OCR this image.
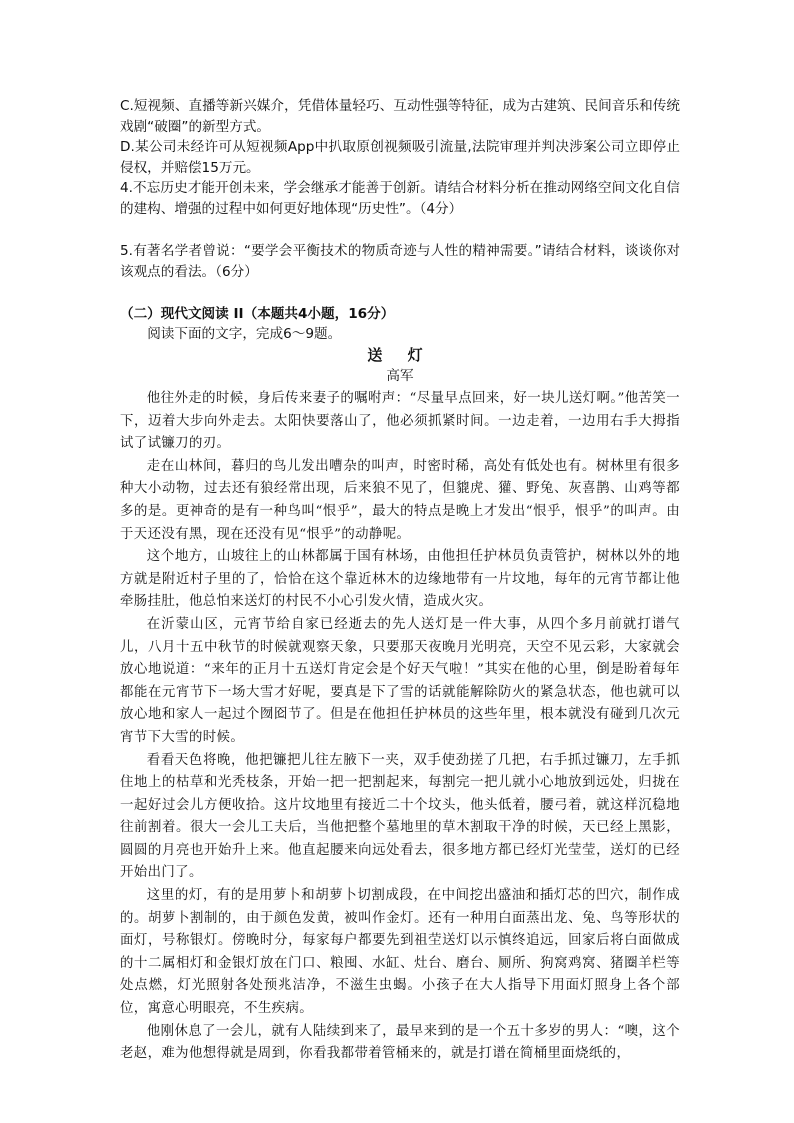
C.短视频、直播等新兴媒介，凭借体量轻巧、互动性强等特征，成为古建筑、民间音乐和传统戏剧“破圈”的新型方式。

D.某公司未经许可从短视频App中扒取原创视频吸引流量,法院审理并判决涉案公司立即停止侵权，并赔偿15万元。

4.不忘历史才能开创未来，学会继承才能善于创新。请结合材料分析在推动网络空间文化自信的建构、增强的过程中如何更好地体现“历史性”。（4分）

5.有著名学者曾说：“要学会平衡技术的物质奇迹与人性的精神需要。”请结合材料，谈谈你对该观点的看法。（6分）

（二）现代文阅读 II（本题共4小题，16分）

阅读下面的文字，完成6～9题。

送 灯

高军

他往外走的时候，身后传来妻子的嘱咐声：“尽量早点回来，好一块儿送灯啊。”他苦笑一下，迈着大步向外走去。太阳快要落山了，他必须抓紧时间。一边走着，一边用右手大拇指试了试镰刀的刃。

走在山林间，暮归的鸟儿发出嘈杂的叫声，时密时稀，高处有低处也有。树林里有很多种大小动物，过去还有狼经常出现，后来狼不见了，但貔虎、獾、野兔、灰喜鹊、山鸡等都多的是。更神奇的是有一种鸟叫“恨乎”，最大的特点是晚上才发出“恨乎，恨乎”的叫声。由于天还没有黑，现在还没有见“恨乎”的动静呢。

这个地方，山坡往上的山林都属于国有林场，由他担任护林员负责管护，树林以外的地方就是附近村子里的了，恰恰在这个靠近林木的边缘地带有一片坟地，每年的元宵节都让他牵肠挂肚，他总怕来送灯的村民不小心引发火情，造成火灾。

在沂蒙山区，元宵节给自家已经逝去的先人送灯是一件大事，从四个多月前就打谱气儿，八月十五中秋节的时候就观察天象，只要那天夜晚月光明亮，天空不见云彩，大家就会放心地说道：“来年的正月十五送灯肯定会是个好天气啦！”其实在他的心里，倒是盼着每年都能在元宵节下一场大雪才好呢，要真是下了雪的话就能解除防火的紧急状态，他也就可以放心地和家人一起过个囫囵节了。但是在他担任护林员的这些年里，根本就没有碰到几次元宵节下大雪的时候。

看看天色将晚，他把镰把儿往左腋下一夹，双手使劲搓了几把，右手抓过镰刀，左手抓住地上的枯草和光秃枝条，开始一把一把割起来，每割完一把儿就小心地放到远处，归拢在一起好过会儿方便收拾。这片坟地里有接近二十个坟头，他头低着，腰弓着，就这样沉稳地往前割着。很大一会儿工夫后，当他把整个墓地里的草木割取干净的时候，天已经上黑影，圆圆的月亮也开始升上来。他直起腰来向远处看去，很多地方都已经灯光莹莹，送灯的已经开始出门了。

这里的灯，有的是用萝卜和胡萝卜切割成段，在中间挖出盛油和插灯芯的凹穴，制作成的。胡萝卜割制的，由于颜色发黄，被叫作金灯。还有一种用白面蒸出龙、兔、鸟等形状的面灯，号称银灯。傍晚时分，每家每户都要先到祖茔送灯以示慎终追远，回家后将白面做成的十二属相灯和金银灯放在门口、粮囤、水缸、灶台、磨台、厕所、狗窝鸡窝、猪圈羊栏等处点燃，灯光照射各处预兆洁净，不滋生虫蝎。小孩子在大人指导下用面灯照身上各个部位，寓意心明眼亮，不生疾病。

他刚休息了一会儿，就有人陆续到来了，最早来到的是一个五十多岁的男人：“噢，这个老赵，难为他想得就是周到，你看我都带着管桶来的，就是打谱在简桶里面烧纸的，
